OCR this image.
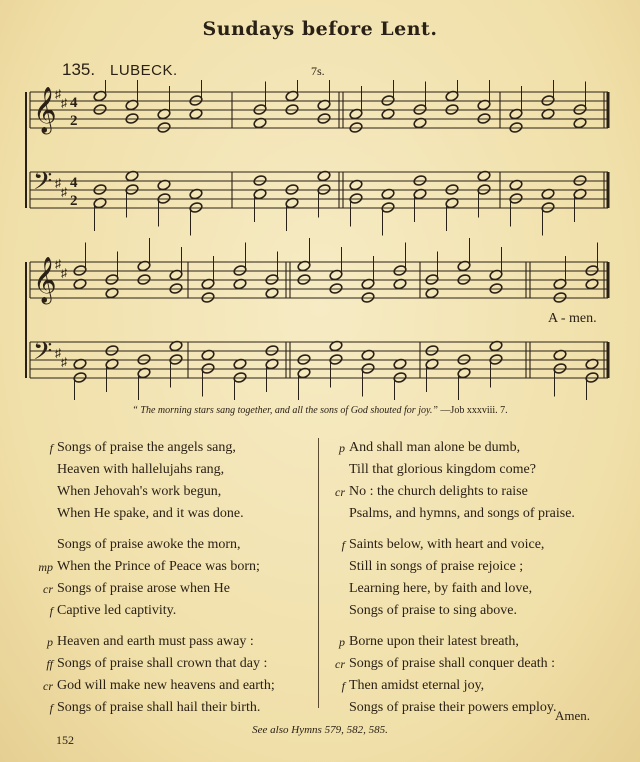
Sundays before Lent.
135. LUBECK.	7s.
𝄞
♯
♯ 4
2
𝄢 ♯
♯
4
2
𝄞
♯
♯
𝄢 ♯
♯
A - men.
“ The morning stars sang together, and all the sons of God shouted for joy.” —Job xxxviii. 7.
Songs of praise the angels sang,
f
Heaven with hallelujahs rang,
When Jehovah's work begun,
When He spake, and it was done.
Songs of praise awoke the morn,
When the Prince of Peace was born;
mp
Songs of praise arose when He
cr
Captive led captivity.
f
Heaven and earth must pass away :
p
Songs of praise shall crown that day :
ff
God will make new heavens and earth;
cr
Songs of praise shall hail their birth.
f
And shall man alone be dumb,
p
Till that glorious kingdom come?
No : the church delights to raise
cr
Psalms, and hymns, and songs of praise.
Saints below, with heart and voice,
f
Still in songs of praise rejoice ;
Learning here, by faith and love,
Songs of praise to sing above.
Borne upon their latest breath,
p
Songs of praise shall conquer death :
cr
Then amidst eternal joy,
f
Songs of praise their powers employ.
Amen.
See also Hymns 579, 582, 585.
152
